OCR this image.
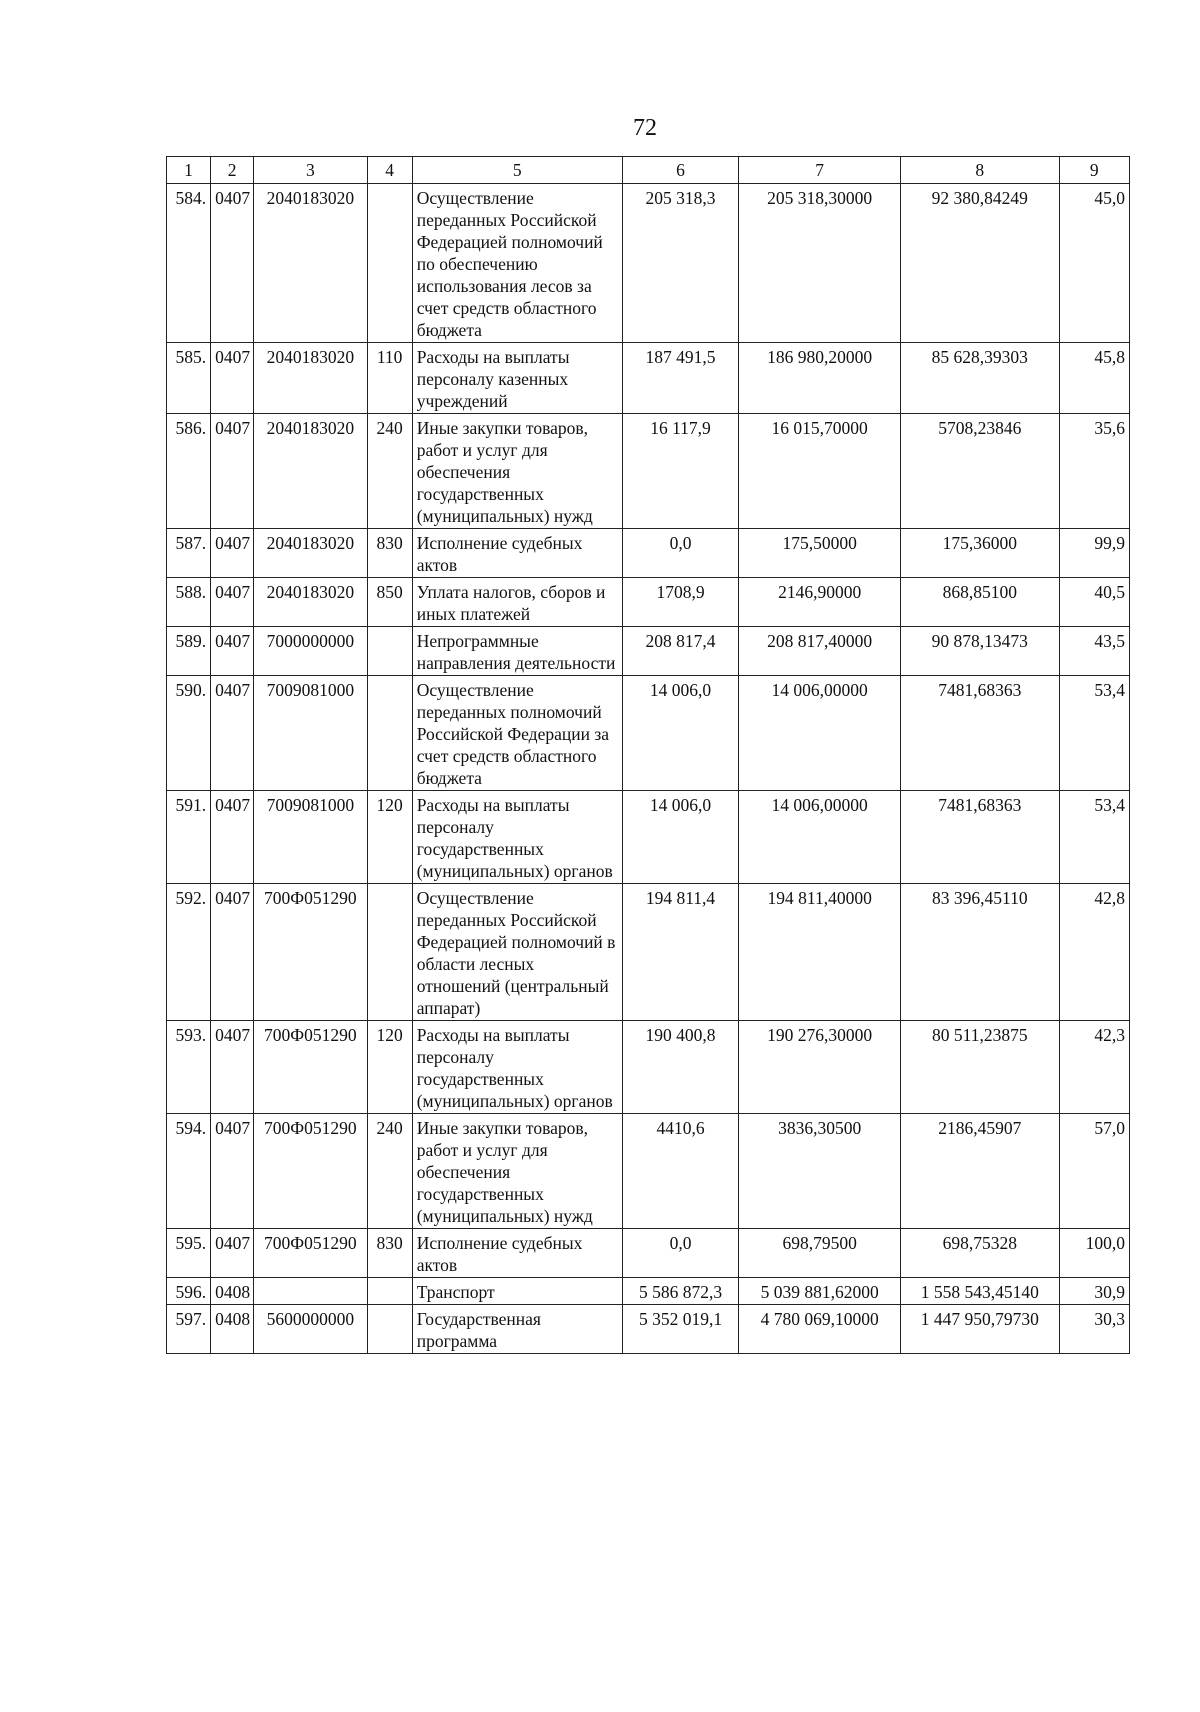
72
1	2	3	4	5	6	7	8	9
584.	0407	2040183020		Осуществление переданных Российской Федерацией полномочий по обеспечению использования лесов за счет средств областного бюджета	205 318,3	205 318,30000	92 380,84249	45,0
585.	0407	2040183020	110	Расходы на выплаты персоналу казенных учреждений	187 491,5	186 980,20000	85 628,39303	45,8
586.	0407	2040183020	240	Иные закупки товаров, работ и услуг для обеспечения государственных (муниципальных) нужд	16 117,9	16 015,70000	5708,23846	35,6
587.	0407	2040183020	830	Исполнение судебных актов	0,0	175,50000	175,36000	99,9
588.	0407	2040183020	850	Уплата налогов, сборов и иных платежей	1708,9	2146,90000	868,85100	40,5
589.	0407	7000000000		Непрограммные направления деятельности	208 817,4	208 817,40000	90 878,13473	43,5
590.	0407	7009081000		Осуществление переданных полномочий Российской Федерации за счет средств областного бюджета	14 006,0	14 006,00000	7481,68363	53,4
591.	0407	7009081000	120	Расходы на выплаты персоналу государственных (муниципальных) органов	14 006,0	14 006,00000	7481,68363	53,4
592.	0407	700Ф051290		Осуществление переданных Российской Федерацией полномочий в области лесных отношений (центральный аппарат)	194 811,4	194 811,40000	83 396,45110	42,8
593.	0407	700Ф051290	120	Расходы на выплаты персоналу государственных (муниципальных) органов	190 400,8	190 276,30000	80 511,23875	42,3
594.	0407	700Ф051290	240	Иные закупки товаров, работ и услуг для обеспечения государственных (муниципальных) нужд	4410,6	3836,30500	2186,45907	57,0
595.	0407	700Ф051290	830	Исполнение судебных актов	0,0	698,79500	698,75328	100,0
596.	0408			Транспорт	5 586 872,3	5 039 881,62000	1 558 543,45140	30,9
597.	0408	5600000000		Государственная программа	5 352 019,1	4 780 069,10000	1 447 950,79730	30,3
